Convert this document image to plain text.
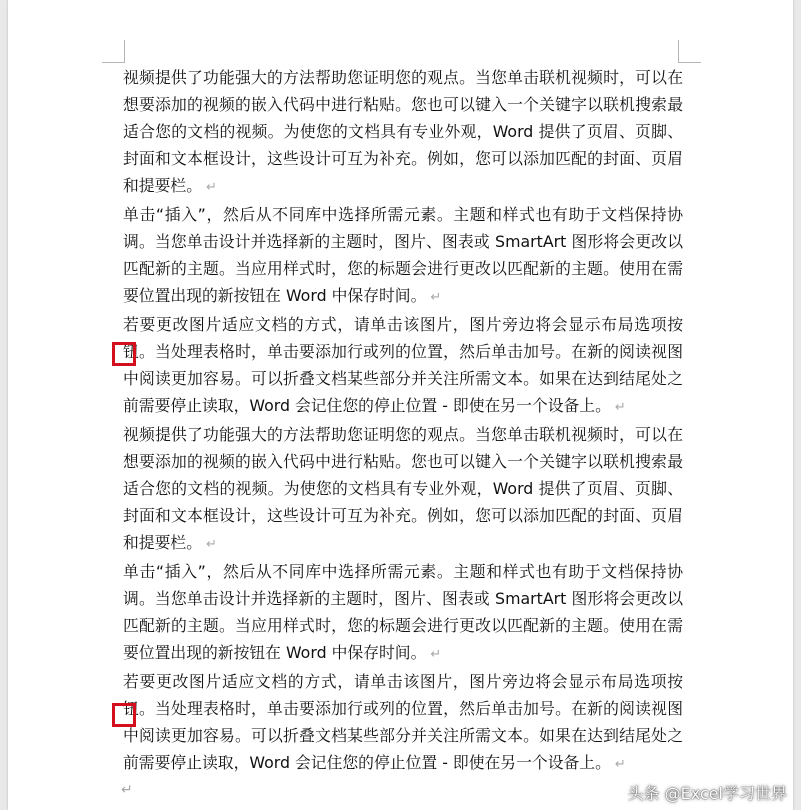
视频提供了功能强大的方法帮助您证明您的观点。当您单击联机视频时，可以在想要添加的视频的嵌入代码中进行粘贴。您也可以键入一个关键字以联机搜索最适合您的文档的视频。为使您的文档具有专业外观，Word 提供了页眉、页脚、封面和文本框设计，这些设计可互为补充。例如，您可以添加匹配的封面、页眉和提要栏。 ↵

单击“插入”，然后从不同库中选择所需元素。主题和样式也有助于文档保持协调。当您单击设计并选择新的主题时，图片、图表或 SmartArt 图形将会更改以匹配新的主题。当应用样式时，您的标题会进行更改以匹配新的主题。使用在需要位置出现的新按钮在 Word 中保存时间。 ↵

若要更改图片适应文档的方式，请单击该图片，图片旁边将会显示布局选项按钮。当处理表格时，单击要添加行或列的位置，然后单击加号。在新的阅读视图中阅读更加容易。可以折叠文档某些部分并关注所需文本。如果在达到结尾处之前需要停止读取，Word 会记住您的停止位置 - 即使在另一个设备上。 ↵

视频提供了功能强大的方法帮助您证明您的观点。当您单击联机视频时，可以在想要添加的视频的嵌入代码中进行粘贴。您也可以键入一个关键字以联机搜索最适合您的文档的视频。为使您的文档具有专业外观，Word 提供了页眉、页脚、封面和文本框设计，这些设计可互为补充。例如，您可以添加匹配的封面、页眉和提要栏。 ↵

单击“插入”，然后从不同库中选择所需元素。主题和样式也有助于文档保持协调。当您单击设计并选择新的主题时，图片、图表或 SmartArt 图形将会更改以匹配新的主题。当应用样式时，您的标题会进行更改以匹配新的主题。使用在需要位置出现的新按钮在 Word 中保存时间。 ↵

若要更改图片适应文档的方式，请单击该图片，图片旁边将会显示布局选项按钮。当处理表格时，单击要添加行或列的位置，然后单击加号。在新的阅读视图中阅读更加容易。可以折叠文档某些部分并关注所需文本。如果在达到结尾处之前需要停止读取，Word 会记住您的停止位置 - 即使在另一个设备上。 ↵

↵	头条 @Excel学习世界
